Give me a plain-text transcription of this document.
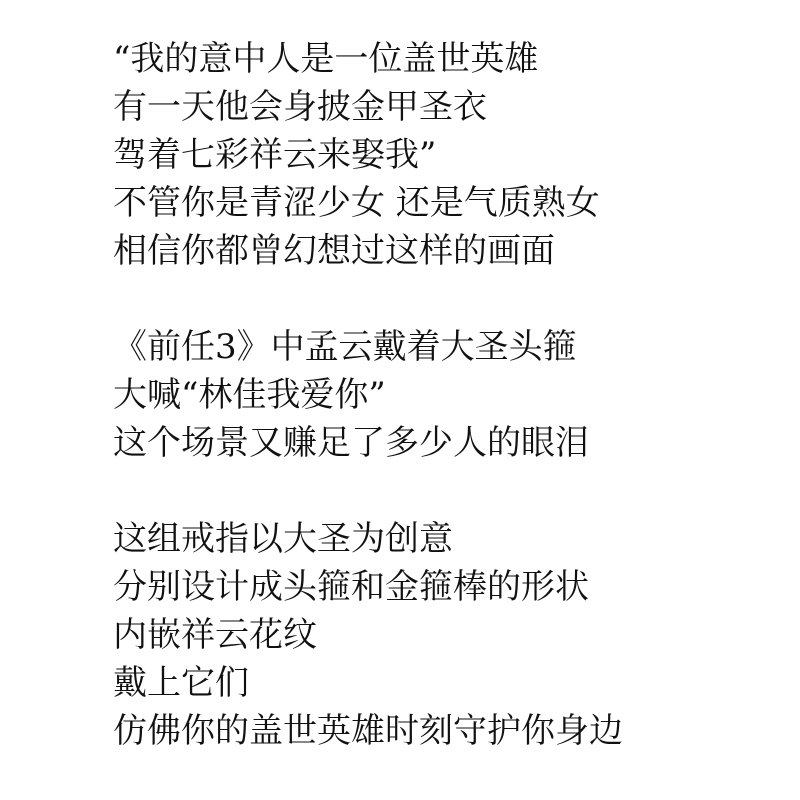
“我的意中人是一位盖世英雄
有一天他会身披金甲圣衣
驾着七彩祥云来娶我”
不管你是青涩少女 还是气质熟女
相信你都曾幻想过这样的画面
《前任3》中孟云戴着大圣头箍
大喊“林佳我爱你”
这个场景又赚足了多少人的眼泪
这组戒指以大圣为创意
分别设计成头箍和金箍棒的形状
内嵌祥云花纹
戴上它们
仿佛你的盖世英雄时刻守护你身边
